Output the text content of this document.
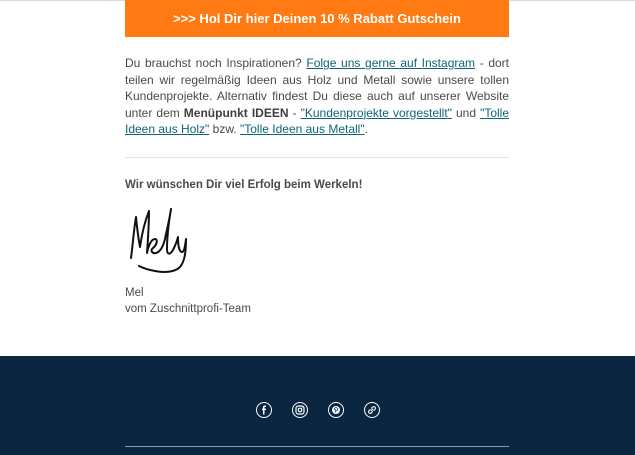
>>> Hol Dir hier Deinen 10 % Rabatt Gutschein

Du brauchst noch Inspirationen? Folge uns gerne auf Instagram - dort teilen wir regelmäßig Ideen aus Holz und Metall sowie unsere tollen Kundenprojekte. Alternativ findest Du diese auch auf unserer Website unter dem Menüpunkt IDEEN - "Kundenprojekte vorgestellt" und "Tolle Ideen aus Holz" bzw. "Tolle Ideen aus Metall".

Wir wünschen Dir viel Erfolg beim Werkeln!

Mel
vom Zuschnittprofi-Team
